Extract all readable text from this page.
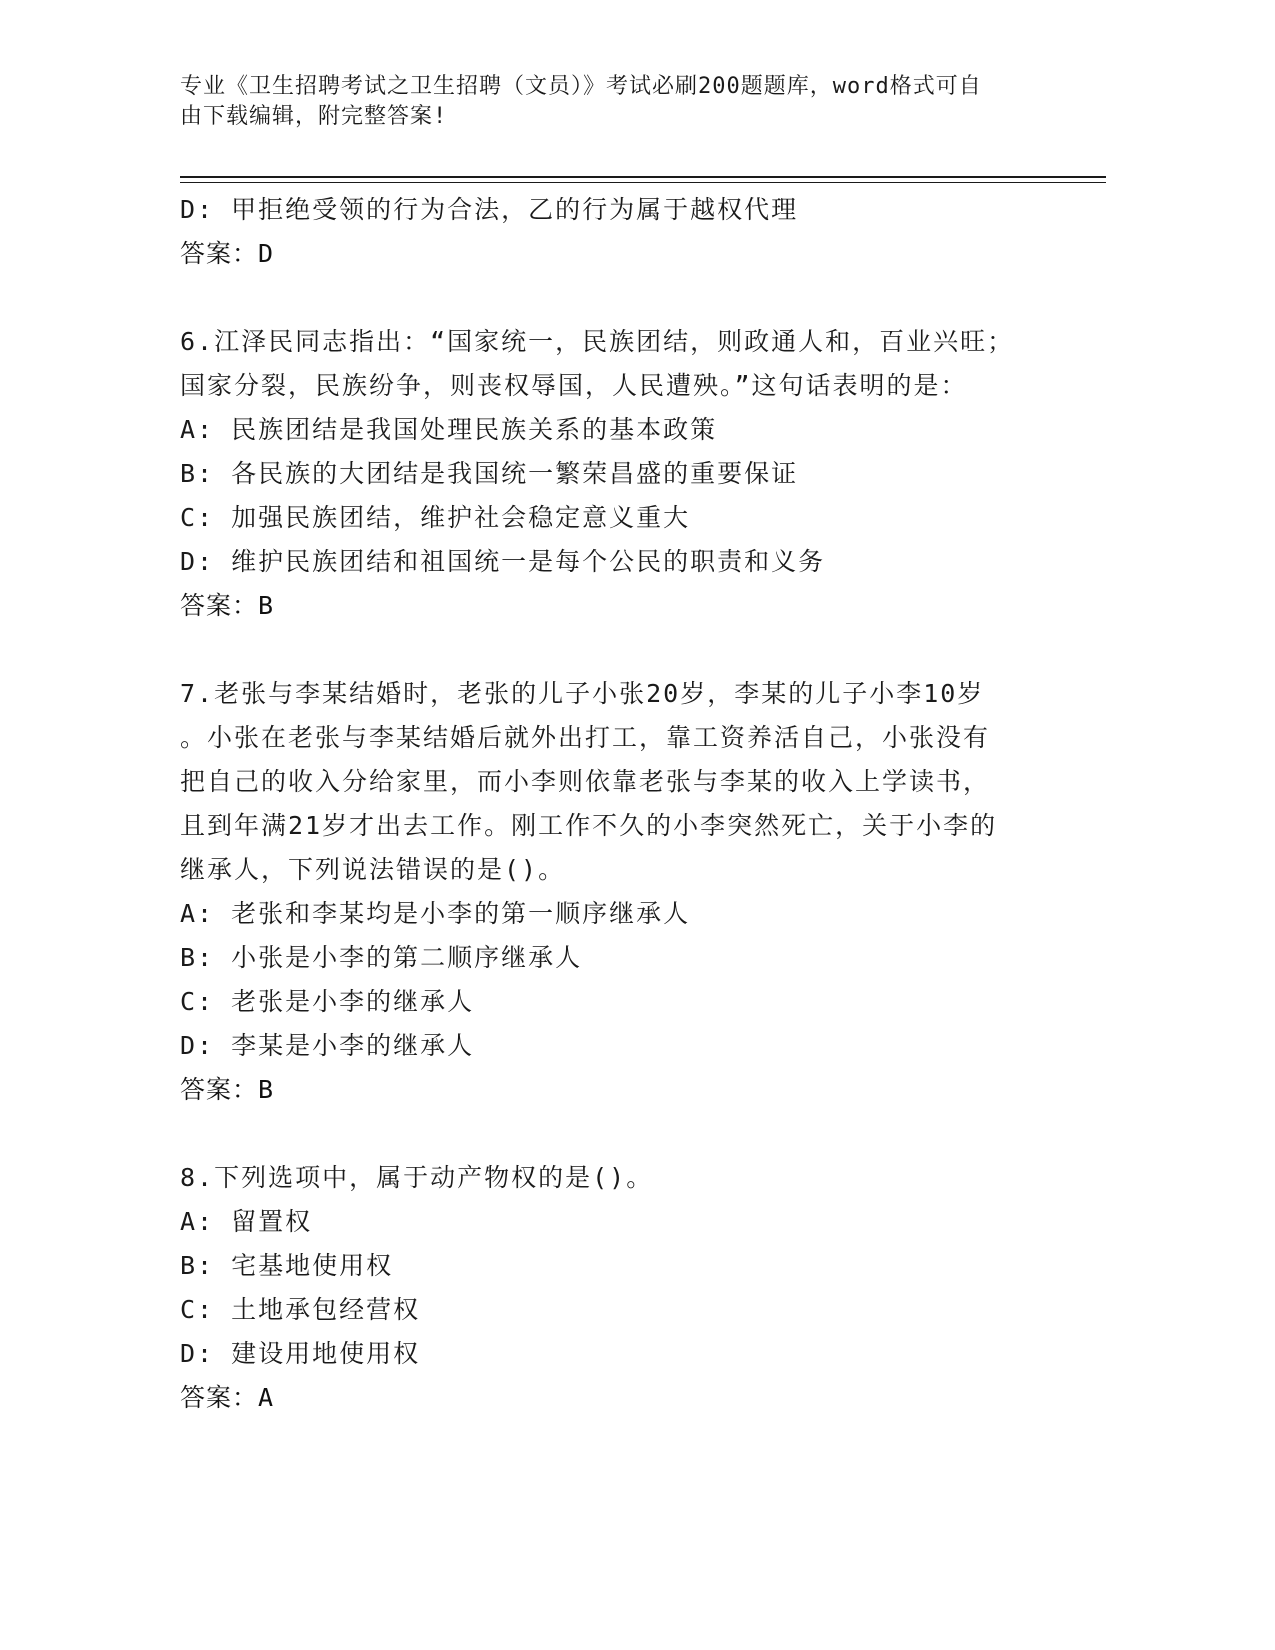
专业《卫生招聘考试之卫生招聘（文员）》考试必刷200题题库，word格式可自
由下载编辑，附完整答案!
D: 甲拒绝受领的行为合法，乙的行为属于越权代理
答案：D
6.江泽民同志指出：“国家统一，民族团结，则政通人和，百业兴旺；
国家分裂，民族纷争，则丧权辱国，人民遭殃。”这句话表明的是：
A: 民族团结是我国处理民族关系的基本政策
B: 各民族的大团结是我国统一繁荣昌盛的重要保证
C: 加强民族团结，维护社会稳定意义重大
D: 维护民族团结和祖国统一是每个公民的职责和义务
答案：B
7.老张与李某结婚时，老张的儿子小张20岁，李某的儿子小李10岁
。小张在老张与李某结婚后就外出打工，靠工资养活自己，小张没有
把自己的收入分给家里，而小李则依靠老张与李某的收入上学读书，
且到年满21岁才出去工作。刚工作不久的小李突然死亡，关于小李的
继承人，下列说法错误的是()。
A: 老张和李某均是小李的第一顺序继承人
B: 小张是小李的第二顺序继承人
C: 老张是小李的继承人
D: 李某是小李的继承人
答案：B
8.下列选项中，属于动产物权的是()。
A: 留置权
B: 宅基地使用权
C: 土地承包经营权
D: 建设用地使用权
答案：A
